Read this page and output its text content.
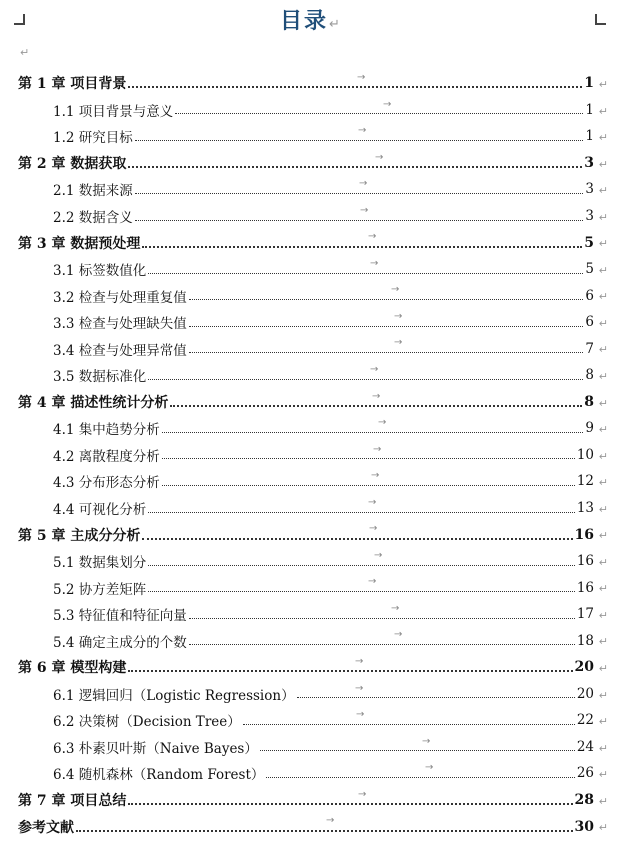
目录↵
↵
第 1 章 项目背景	1
→
↵
1.1 项目背景与意义	1
→
↵
1.2 研究目标	1
→
↵
第 2 章 数据获取	3
→
↵
2.1 数据来源	3
→
↵
2.2 数据含义	3
→
↵
第 3 章 数据预处理	5
→
↵
3.1 标签数值化	5
→
↵
3.2 检查与处理重复值	6
→
↵
3.3 检查与处理缺失值	6
→
↵
3.4 检查与处理异常值	7
→
↵
3.5 数据标准化	8
→
↵
第 4 章 描述性统计分析	8
→
↵
4.1 集中趋势分析	9
→
↵
4.2 离散程度分析	10
→
↵
4.3 分布形态分析	12
→
↵
4.4 可视化分析	13
→
↵
第 5 章 主成分分析	16
→
↵
5.1 数据集划分	16
→
↵
5.2 协方差矩阵	16
→
↵
5.3 特征值和特征向量	17
→
↵
5.4 确定主成分的个数	18
→
↵
第 6 章 模型构建	20
→
↵
6.1 逻辑回归（Logistic Regression）	20
→
↵
6.2 决策树（Decision Tree）	22
→
↵
6.3 朴素贝叶斯（Naive Bayes）	24
→
↵
6.4 随机森林（Random Forest）	26
→
↵
第 7 章 项目总结	28
→
↵
参考文献	30
→
↵
